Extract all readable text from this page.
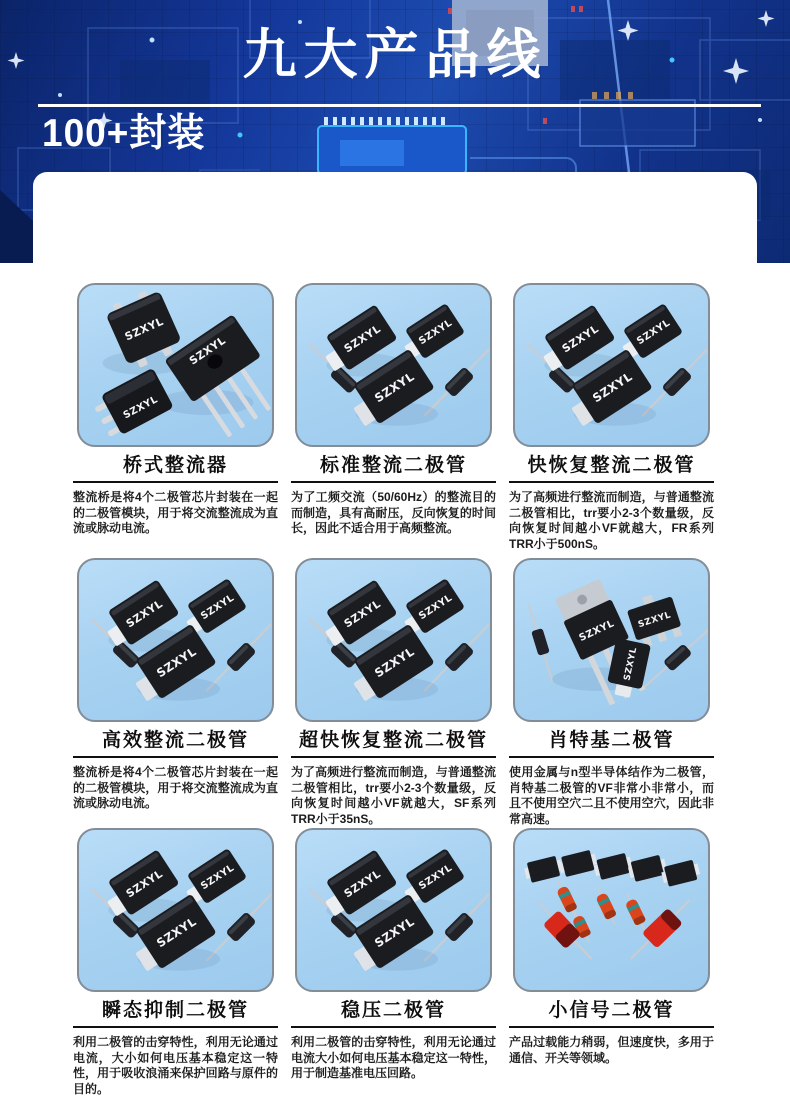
九大产品线
100+封装
桥式整流器

整流桥是将4个二极管芯片封装在一起的二极管模块，用于将交流整流成为直流或脉动电流。

标准整流二极管

为了工频交流（50/60Hz）的整流目的而制造，具有高耐压，反向恢复的时间长，因此不适合用于高频整流。

快恢复整流二极管

为了高频进行整流而制造，与普通整流二极管相比，trr要小2-3个数量级，反向恢复时间越小VF就越大，FR系列TRR小于500nS。

高效整流二极管

整流桥是将4个二极管芯片封装在一起的二极管模块，用于将交流整流成为直流或脉动电流。

超快恢复整流二极管

为了高频进行整流而制造，与普通整流二极管相比，trr要小2-3个数量级，反向恢复时间越小VF就越大，SF系列TRR小于35nS。

肖特基二极管

使用金属与n型半导体结作为二极管，肖特基二极管的VF非常小非常小，而且不使用空穴二且不使用空穴，因此非常高速。

瞬态抑制二极管

利用二极管的击穿特性，利用无论通过电流，大小如何电压基本稳定这一特性，用于吸收浪涌来保护回路与原件的目的。

稳压二极管

利用二极管的击穿特性，利用无论通过电流大小如何电压基本稳定这一特性，用于制造基准电压回路。

小信号二极管

产品过载能力稍弱，但速度快，多用于通信、开关等领域。
